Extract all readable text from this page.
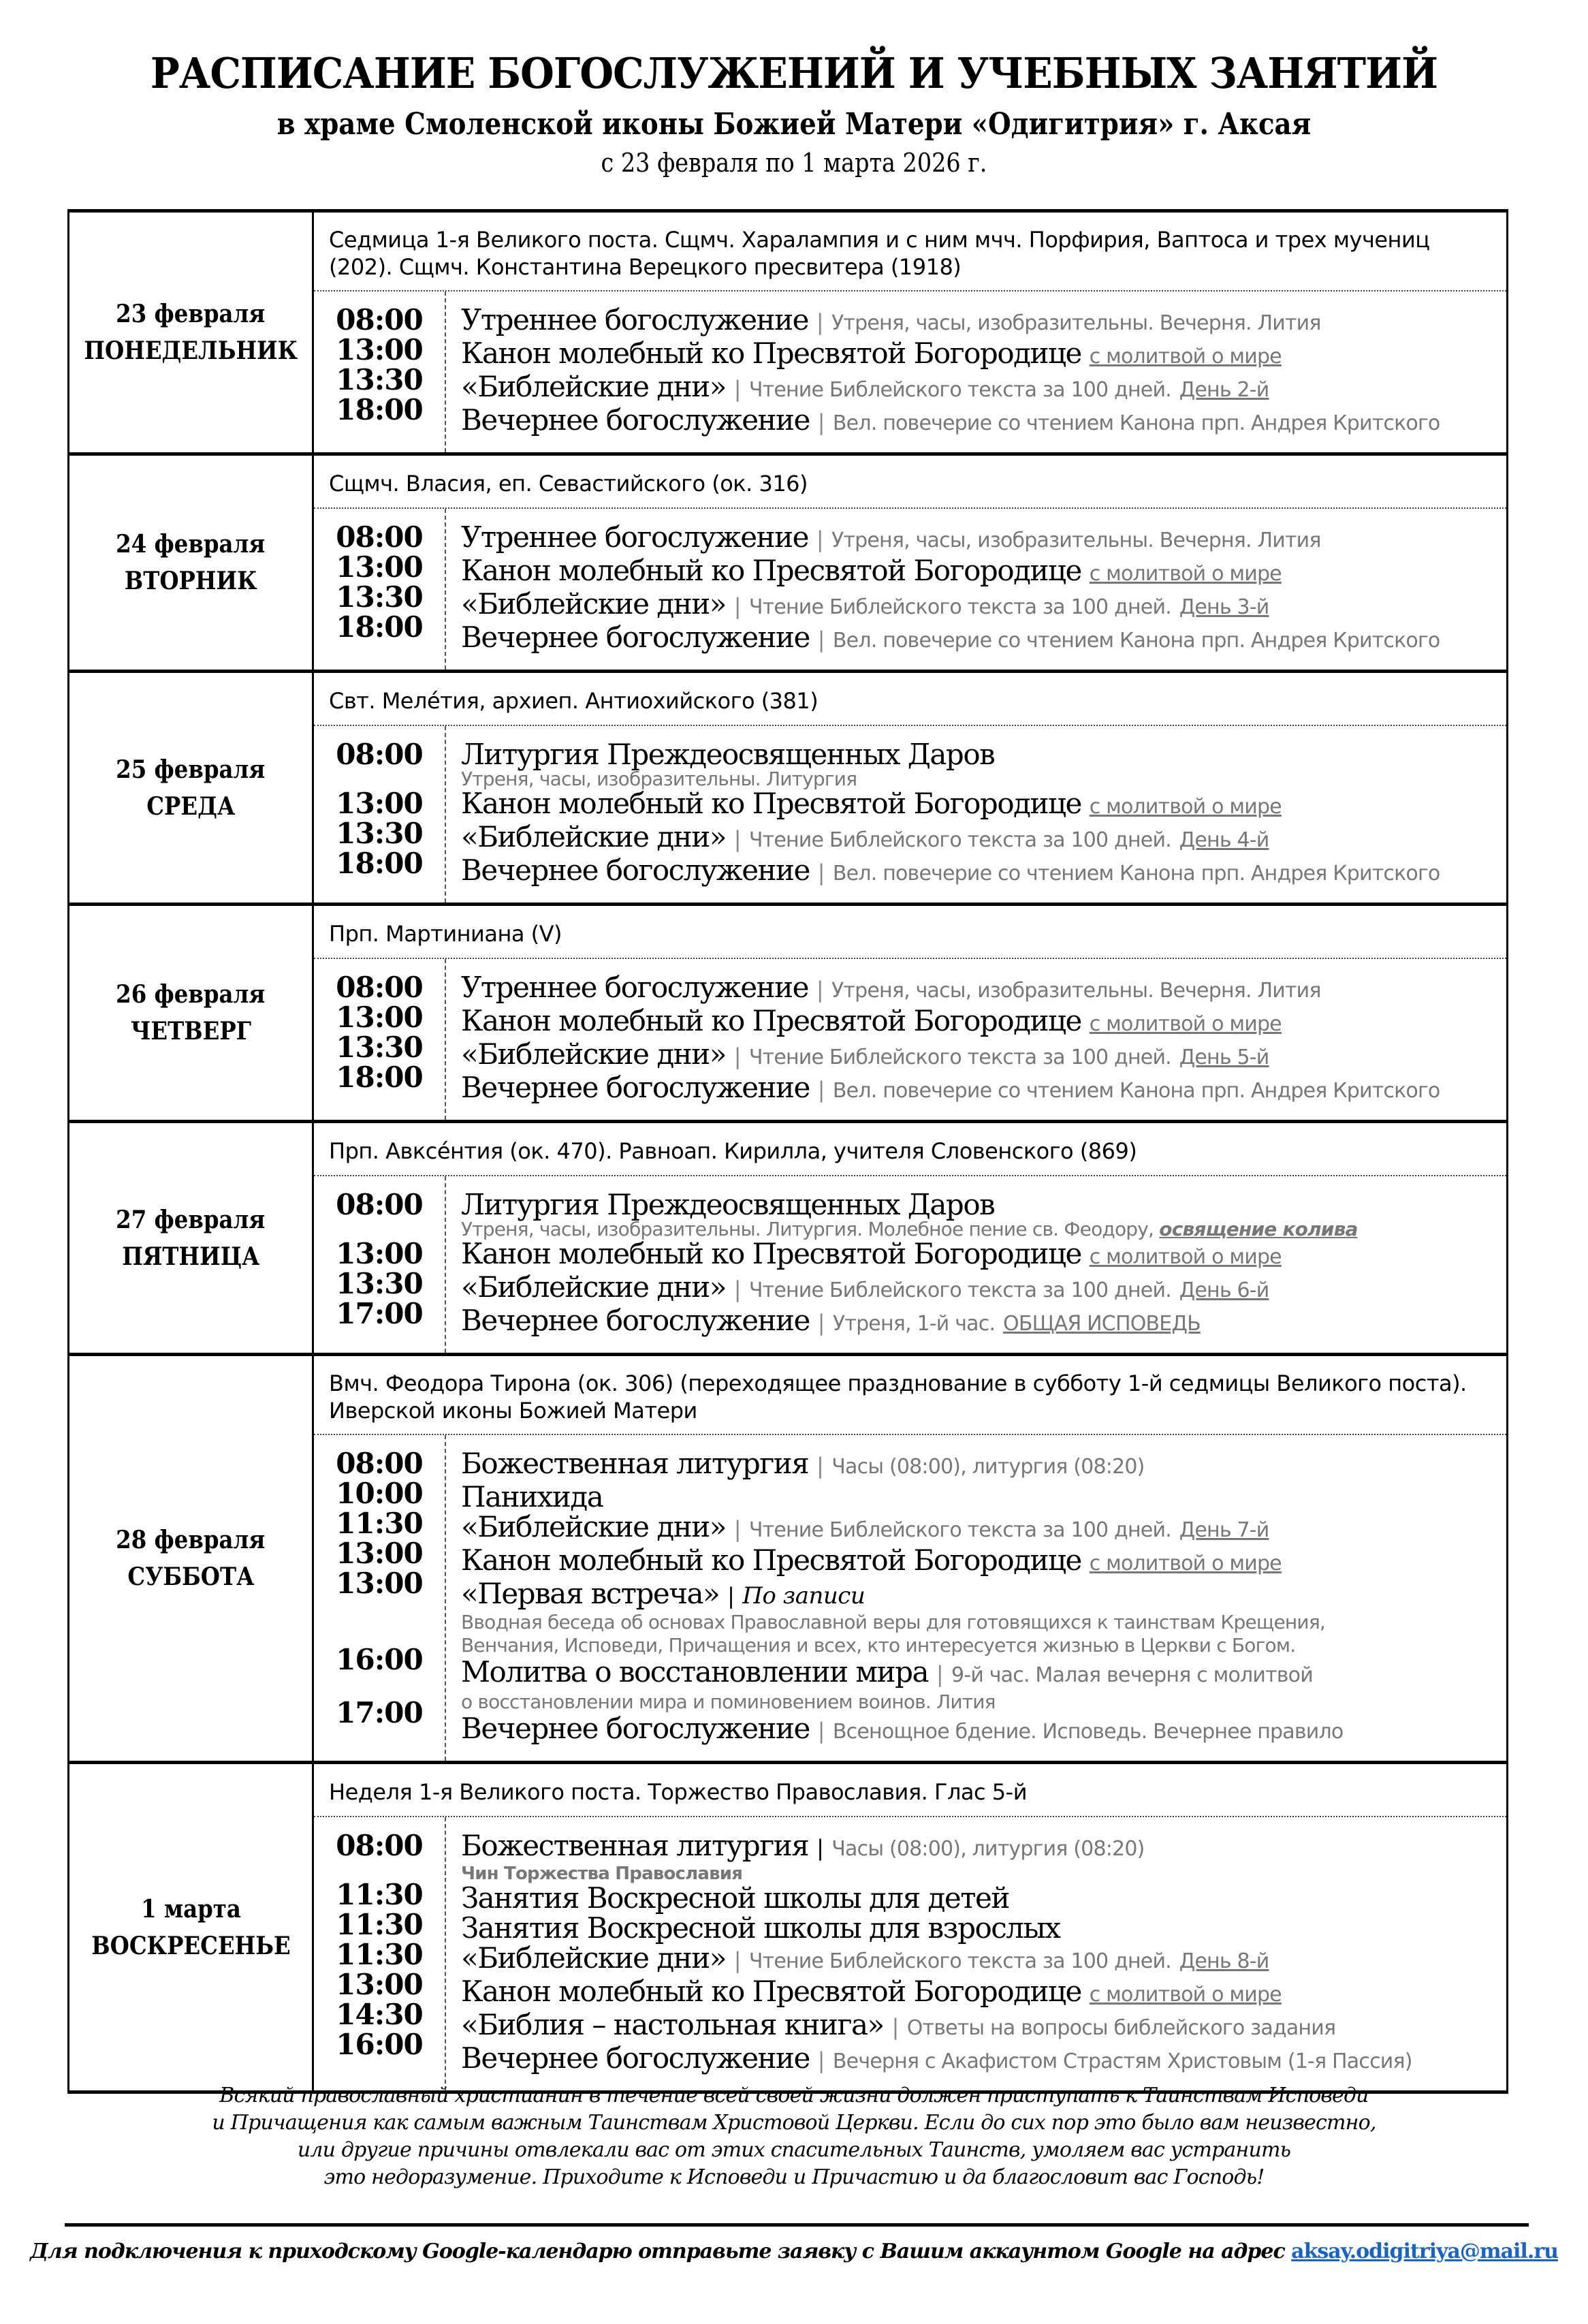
РАСПИСАНИЕ БОГОСЛУЖЕНИЙ И УЧЕБНЫХ ЗАНЯТИЙ
в храме Смоленской иконы Божией Матери «Одигитрия» г. Аксая
с 23 февраля по 1 марта 2026 г.
23 февраля
ПОНЕДЕЛЬНИК
Седмица 1-я Великого поста. Сщмч. Харалампия и с ним мчч. Порфирия, Ваптоса и трех мучениц (202). Сщмч. Константина Верецкого пресвитера (1918)
08:00
13:00
13:30
18:00
Утреннее богослужение | Утреня, часы, изобразительны. Вечерня. Лития
Канон молебный ко Пресвятой Богородице с молитвой о мире
«Библейские дни» | Чтение Библейского текста за 100 дней. День 2-й
Вечернее богослужение | Вел. повечерие со чтением Канона прп. Андрея Критского
24 февраля
ВТОРНИК
Сщмч. Власия, еп. Севастийского (ок. 316)
08:00
13:00
13:30
18:00
Утреннее богослужение | Утреня, часы, изобразительны. Вечерня. Лития
Канон молебный ко Пресвятой Богородице с молитвой о мире
«Библейские дни» | Чтение Библейского текста за 100 дней. День 3-й
Вечернее богослужение | Вел. повечерие со чтением Канона прп. Андрея Критского
25 февраля
СРЕДА
Свт. Меле́тия, архиеп. Антиохийского (381)
08:00
13:00
13:30
18:00
Литургия Преждеосвященных Даров
Утреня, часы, изобразительны. Литургия
Канон молебный ко Пресвятой Богородице с молитвой о мире
«Библейские дни» | Чтение Библейского текста за 100 дней. День 4-й
Вечернее богослужение | Вел. повечерие со чтением Канона прп. Андрея Критского
26 февраля
ЧЕТВЕРГ
Прп. Мартиниана (V)
08:00
13:00
13:30
18:00
Утреннее богослужение | Утреня, часы, изобразительны. Вечерня. Лития
Канон молебный ко Пресвятой Богородице с молитвой о мире
«Библейские дни» | Чтение Библейского текста за 100 дней. День 5-й
Вечернее богослужение | Вел. повечерие со чтением Канона прп. Андрея Критского
27 февраля
ПЯТНИЦА
Прп. Авксе́нтия (ок. 470). Равноап. Кирилла, учителя Словенского (869)
08:00
13:00
13:30
17:00
Литургия Преждеосвященных Даров
Утреня, часы, изобразительны. Литургия. Молебное пение св. Феодору, освящение колива
Канон молебный ко Пресвятой Богородице с молитвой о мире
«Библейские дни» | Чтение Библейского текста за 100 дней. День 6-й
Вечернее богослужение | Утреня, 1-й час. ОБЩАЯ ИСПОВЕДЬ
28 февраля
СУББОТА
Вмч. Феодора Тирона (ок. 306) (переходящее празднование в субботу 1-й седмицы Великого поста). Иверской иконы Божией Матери
08:00
10:00
11:30
13:00
13:00
16:00
17:00
Божественная литургия | Часы (08:00), литургия (08:20)
Панихида
«Библейские дни» | Чтение Библейского текста за 100 дней. День 7-й
Канон молебный ко Пресвятой Богородице с молитвой о мире
«Первая встреча» | По записи
Вводная беседа об основах Православной веры для готовящихся к таинствам Крещения,
Венчания, Исповеди, Причащения и всех, кто интересуется жизнью в Церкви с Богом.
Молитва о восстановлении мира | 9-й час. Малая вечерня с молитвой
о восстановлении мира и поминовением воинов. Лития
Вечернее богослужение | Всенощное бдение. Исповедь. Вечернее правило
1 марта
ВОСКРЕСЕНЬЕ
Неделя 1-я Великого поста. Торжество Православия. Глас 5-й
08:00
11:30
11:30
11:30
13:00
14:30
16:00
Божественная литургия | Часы (08:00), литургия (08:20)
Чин Торжества Православия
Занятия Воскресной школы для детей
Занятия Воскресной школы для взрослых
«Библейские дни» | Чтение Библейского текста за 100 дней. День 8-й
Канон молебный ко Пресвятой Богородице с молитвой о мире
«Библия – настольная книга» | Ответы на вопросы библейского задания
Вечернее богослужение | Вечерня с Акафистом Страстям Христовым (1-я Пассия)
Всякий православный христианин в течение всей своей жизни должен приступать к Таинствам Исповеди
и Причащения как самым важным Таинствам Христовой Церкви. Если до сих пор это было вам неизвестно,
или другие причины отвлекали вас от этих спасительных Таинств, умоляем вас устранить
это недоразумение. Приходите к Исповеди и Причастию и да благословит вас Господь!
Для подключения к приходскому Google-календарю отправьте заявку с Вашим аккаунтом Google на адрес aksay.odigitriya@mail.ru
